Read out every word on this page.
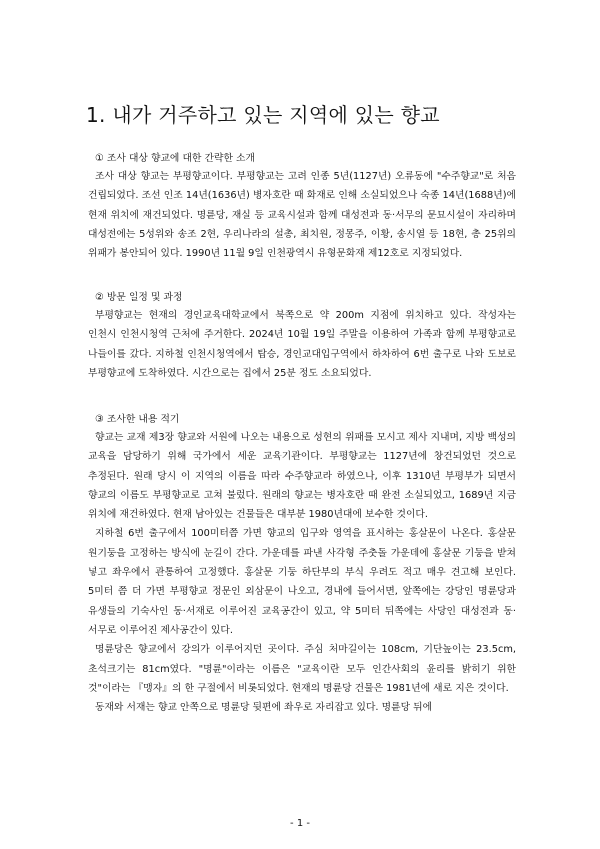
1. 내가 거주하고 있는 지역에 있는 향교

① 조사 대상 향교에 대한 간략한 소개

조사 대상 향교는 부평향교이다. 부평향교는 고려 인종 5년(1127년) 오류동에 "수주향교"로 처음 건립되었다. 조선 인조 14년(1636년) 병자호란 때 화재로 인해 소실되었으나 숙종 14년(1688년)에 현재 위치에 재건되었다. 명륜당, 재실 등 교육시설과 함께 대성전과 동·서무의 문묘시설이 자리하며 대성전에는 5성위와 송조 2현, 우리나라의 설총, 최치원, 정몽주, 이황, 송시열 등 18현, 총 25위의 위패가 봉안되어 있다. 1990년 11월 9일 인천광역시 유형문화재 제12호로 지정되었다.

② 방문 일정 및 과정

부평향교는 현재의 경인교육대학교에서 북쪽으로 약 200m 지점에 위치하고 있다. 작성자는 인천시 인천시청역 근처에 주거한다. 2024년 10월 19일 주말을 이용하여 가족과 함께 부평향교로 나들이를 갔다. 지하철 인천시청역에서 탑승, 경인교대입구역에서 하차하여 6번 출구로 나와 도보로 부평향교에 도착하였다. 시간으로는 집에서 25분 정도 소요되었다.

③ 조사한 내용 적기

향교는 교재 제3장 향교와 서원에 나오는 내용으로 성현의 위패를 모시고 제사 지내며, 지방 백성의 교육을 담당하기 위해 국가에서 세운 교육기관이다. 부평향교는 1127년에 창건되었던 것으로 추정된다. 원래 당시 이 지역의 이름을 따라 수주향교라 하였으나, 이후 1310년 부평부가 되면서 향교의 이름도 부평향교로 고쳐 불렀다. 원래의 향교는 병자호란 때 완전 소실되었고, 1689년 지금 위치에 재건하였다. 현재 남아있는 건물들은 대부분 1980년대에 보수한 것이다.

지하철 6번 출구에서 100미터쯤 가면 향교의 입구와 영역을 표시하는 홍살문이 나온다. 홍살문 원기둥을 고정하는 방식에 눈길이 간다. 가운데를 파낸 사각형 주춧돌 가운데에 홍살문 기둥을 받쳐 넣고 좌우에서 관통하여 고정했다. 홍살문 기둥 하단부의 부식 우려도 적고 매우 견고해 보인다. 5미터 쯤 더 가면 부평향교 정문인 외삼문이 나오고, 경내에 들어서면, 앞쪽에는 강당인 명륜당과 유생들의 기숙사인 동·서재로 이루어진 교육공간이 있고, 약 5미터 뒤쪽에는 사당인 대성전과 동·서무로 이루어진 제사공간이 있다.

명륜당은 향교에서 강의가 이루어지던 곳이다. 주심 처마길이는 108cm, 기단높이는 23.5cm, 초석크기는 81cm였다. "명륜"이라는 이름은 "교육이란 모두 인간사회의 윤리를 밝히기 위한 것"이라는 『맹자』의 한 구절에서 비롯되었다. 현재의 명륜당 건물은 1981년에 새로 지은 것이다.

동재와 서재는 향교 안쪽으로 명륜당 뒷편에 좌우로 자리잡고 있다. 명륜당 뒤에

- 1 -
